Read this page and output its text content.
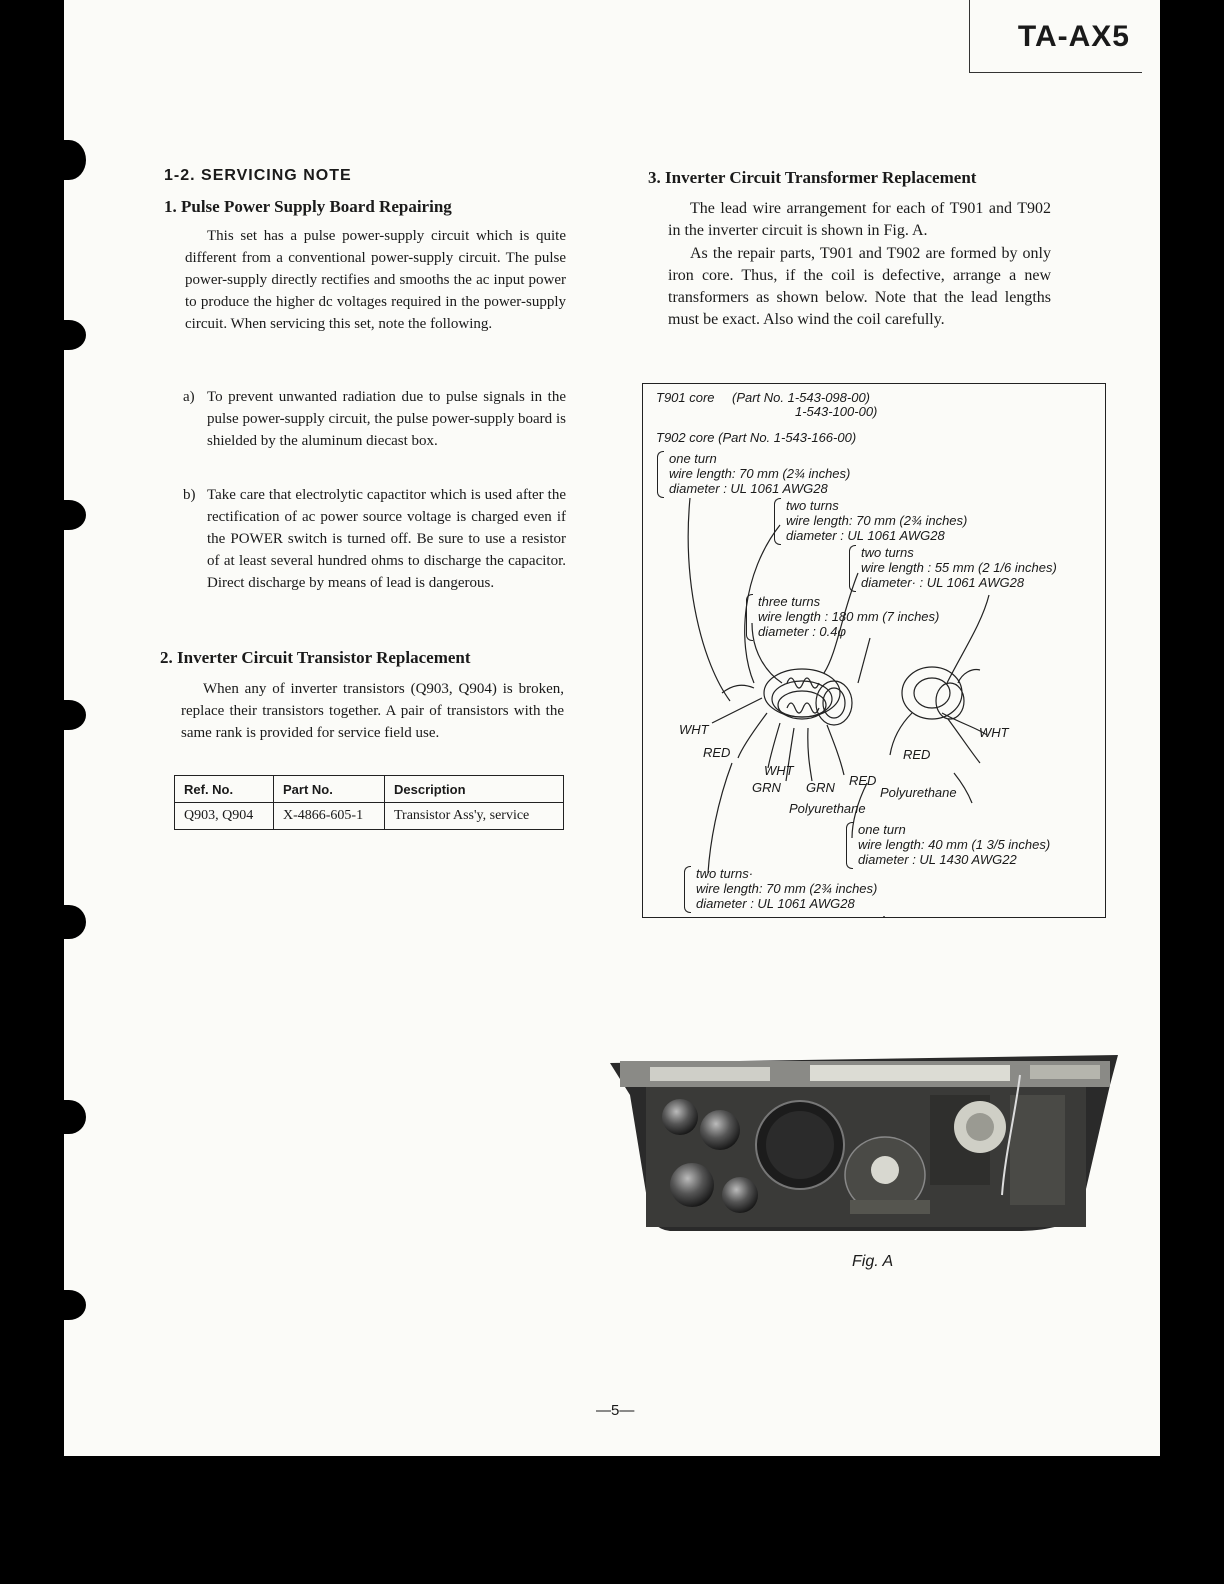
TA-AX5
1-2. SERVICING NOTE
1. Pulse Power Supply Board Repairing
This set has a pulse power-supply circuit which is quite different from a conventional power-supply circuit. The pulse power-supply directly rectifies and smooths the ac input power to produce the higher dc voltages required in the power-supply circuit. When servicing this set, note the following.
a) To prevent unwanted radiation due to pulse signals in the pulse power-supply circuit, the pulse power-supply board is shielded by the aluminum diecast box.
b) Take care that electrolytic capactitor which is used after the rectification of ac power source voltage is charged even if the POWER switch is turned off. Be sure to use a resistor of at least several hundred ohms to discharge the capacitor. Direct discharge by means of lead is dangerous.
2. Inverter Circuit Transistor Replacement
When any of inverter transistors (Q903, Q904) is broken, replace their transistors together. A pair of transistors with the same rank is provided for service field use.
Ref. No.	Part No.	Description
Q903, Q904	X-4866-605-1	Transistor Ass'y, service
3. Inverter Circuit Transformer Replacement
The lead wire arrangement for each of T901 and T902 in the inverter circuit is shown in Fig. A.
As the repair parts, T901 and T902 are formed by only iron core. Thus, if the coil is defective, arrange a new transformers as shown below. Note that the lead lengths must be exact. Also wind the coil carefully.
T901 core (Part No. 1-543-098-00)
1-543-100-00)
T902 core (Part No. 1-543-166-00)
one turn
wire length: 70 mm (2¾ inches)
diameter : UL 1061 AWG28
two turns
wire length: 70 mm (2¾ inches)
diameter : UL 1061 AWG28
two turns
wire length : 55 mm (2 1/6 inches)
diameter· : UL 1061 AWG28
three turns
wire length : 180 mm (7 inches)
diameter : 0.4φ
one turn
wire length: 40 mm (1 3/5 inches)
diameter : UL 1430 AWG22
two turns·
wire length: 70 mm (2¾ inches)
diameter : UL 1061 AWG28
WHT
RED
WHT
GRN GRN RED
Polyurethane
RED
WHT
Polyurethane
Fig. A
—5—
